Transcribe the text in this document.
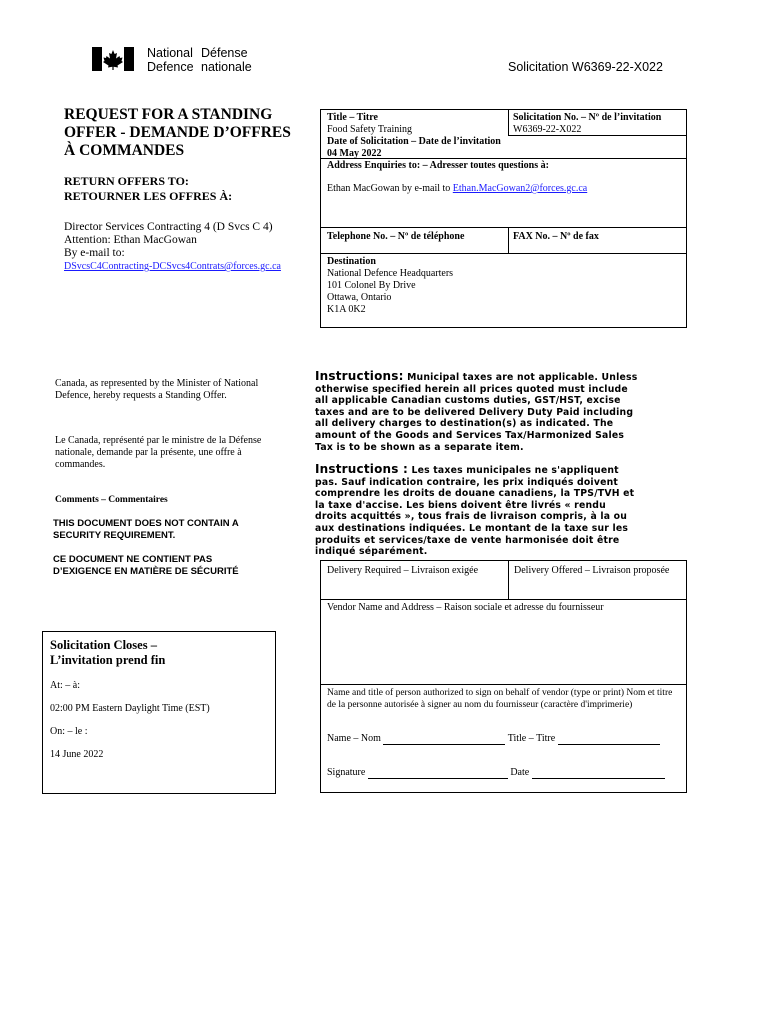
National
Defence
Défense
nationale	Solicitation W6369-22-X022
REQUEST FOR A STANDING
OFFER - DEMANDE D’OFFRES
À COMMANDES
RETURN OFFERS TO:
RETOURNER LES OFFRES À:
Director Services Contracting 4 (D Svcs C 4)
Attention: Ethan MacGowan
By e-mail to:
DSvcsC4Contracting-DCSvcs4Contrats@forces.gc.ca
Canada, as represented by the Minister of National Defence, hereby requests a Standing Offer.
Le Canada, représenté par le ministre de la Défense nationale, demande par la présente, une offre à commandes.
Comments – Commentaires
THIS DOCUMENT DOES NOT CONTAIN A SECURITY REQUIREMENT.
CE DOCUMENT NE CONTIENT PAS D’EXIGENCE EN MATIÈRE DE SÉCURITÉ
Solicitation Closes –
L’invitation prend fin
At: – à:
02:00 PM Eastern Daylight Time (EST)
On: – le :
14 June 2022
Title – Titre
Food Safety Training
Solicitation No. – Nº de l’invitation
W6369-22-X022
Date of Solicitation – Date de l’invitation
04 May 2022
Address Enquiries to: – Adresser toutes questions à:
Ethan MacGowan by e-mail to Ethan.MacGowan2@forces.gc.ca
Telephone No. – Nº de téléphone	FAX No. – Nº de fax
Destination
National Defence Headquarters
101 Colonel By Drive
Ottawa, Ontario
K1A 0K2
Instructions: Municipal taxes are not applicable. Unless otherwise specified herein all prices quoted must include all applicable Canadian customs duties, GST/HST, excise taxes and are to be delivered Delivery Duty Paid including all delivery charges to destination(s) as indicated. The amount of the Goods and Services Tax/Harmonized Sales Tax is to be shown as a separate item.
Instructions : Les taxes municipales ne s'appliquent pas. Sauf indication contraire, les prix indiqués doivent comprendre les droits de douane canadiens, la TPS/TVH et la taxe d'accise. Les biens doivent être livrés « rendu droits acquittés », tous frais de livraison compris, à la ou aux destinations indiquées. Le montant de la taxe sur les produits et services/taxe de vente harmonisée doit être indiqué séparément.
Delivery Required – Livraison exigée	Delivery Offered – Livraison proposée
Vendor Name and Address – Raison sociale et adresse du fournisseur
Name and title of person authorized to sign on behalf of vendor (type or print) Nom et titre de la personne autorisée à signer au nom du fournisseur (caractère d'imprimerie)
Name – Nom	Title – Titre
Signature	Date
